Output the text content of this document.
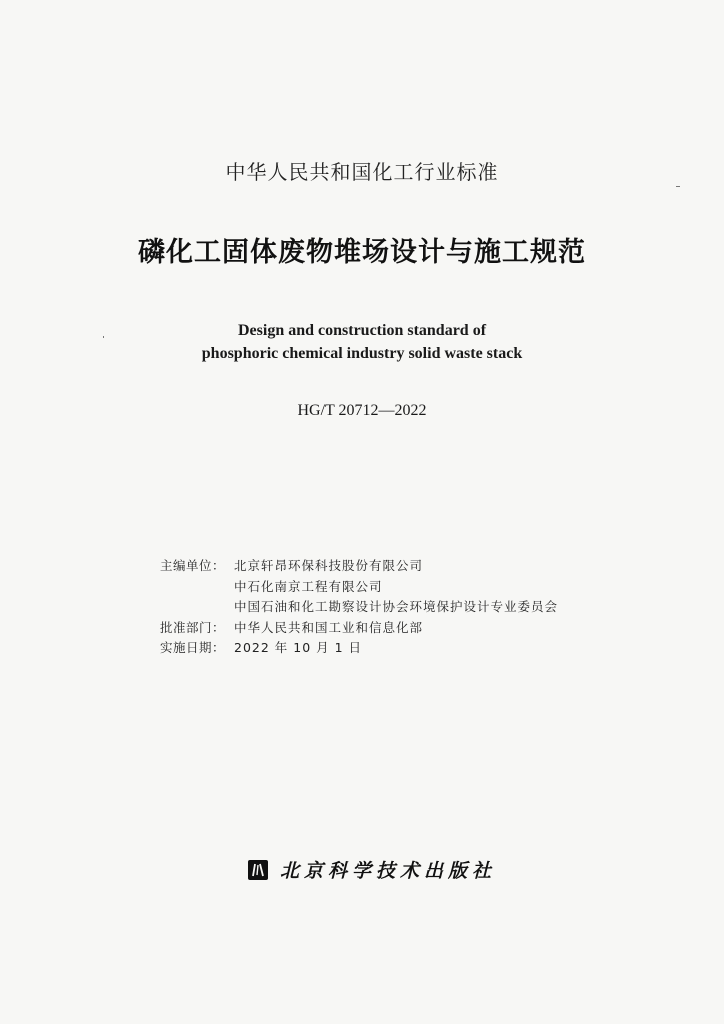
中华人民共和国化工行业标准
磷化工固体废物堆场设计与施工规范
Design and construction standard of
phosphoric chemical industry solid waste stack
HG/T 20712—2022
主编单位： 北京轩昂环保科技股份有限公司
中石化南京工程有限公司
中国石油和化工勘察设计协会环境保护设计专业委员会
批准部门： 中华人民共和国工业和信息化部
实施日期： 2022 年 10 月 1 日
北京科学技术出版社
